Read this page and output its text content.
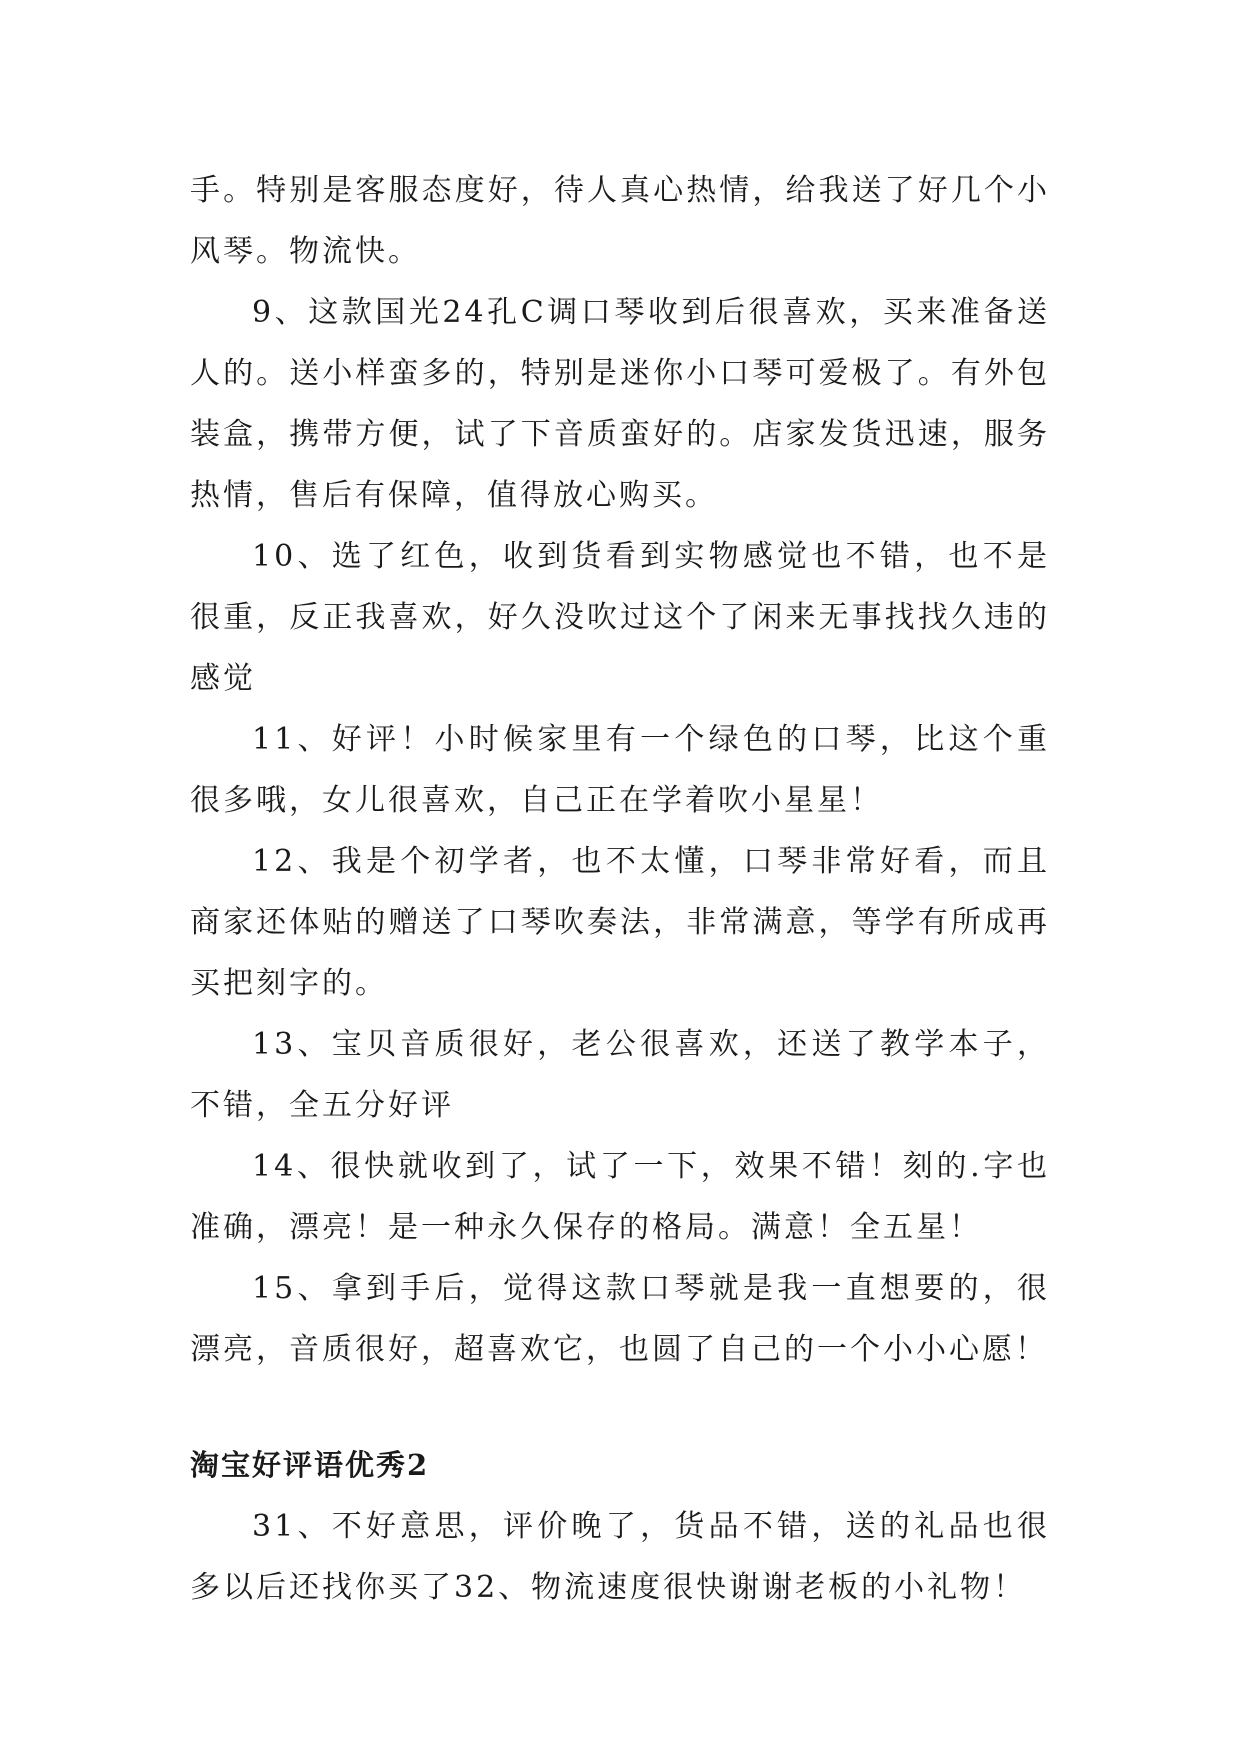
手。特别是客服态度好，待人真心热情，给我送了好几个小风琴。物流快。

9、这款国光24孔C调口琴收到后很喜欢，买来准备送人的。送小样蛮多的，特别是迷你小口琴可爱极了。有外包装盒，携带方便，试了下音质蛮好的。店家发货迅速，服务热情，售后有保障，值得放心购买。

10、选了红色，收到货看到实物感觉也不错，也不是很重，反正我喜欢，好久没吹过这个了闲来无事找找久违的感觉

11、好评！小时候家里有一个绿色的口琴，比这个重很多哦，女儿很喜欢，自己正在学着吹小星星！

12、我是个初学者，也不太懂，口琴非常好看，而且商家还体贴的赠送了口琴吹奏法，非常满意，等学有所成再买把刻字的。

13、宝贝音质很好，老公很喜欢，还送了教学本子，不错，全五分好评

14、很快就收到了，试了一下，效果不错！刻的.字也准确，漂亮！是一种永久保存的格局。满意！全五星！

15、拿到手后，觉得这款口琴就是我一直想要的，很漂亮，音质很好，超喜欢它，也圆了自己的一个小小心愿！

淘宝好评语优秀2

31、不好意思，评价晚了，货品不错，送的礼品也很多以后还找你买了32、物流速度很快谢谢老板的小礼物！
